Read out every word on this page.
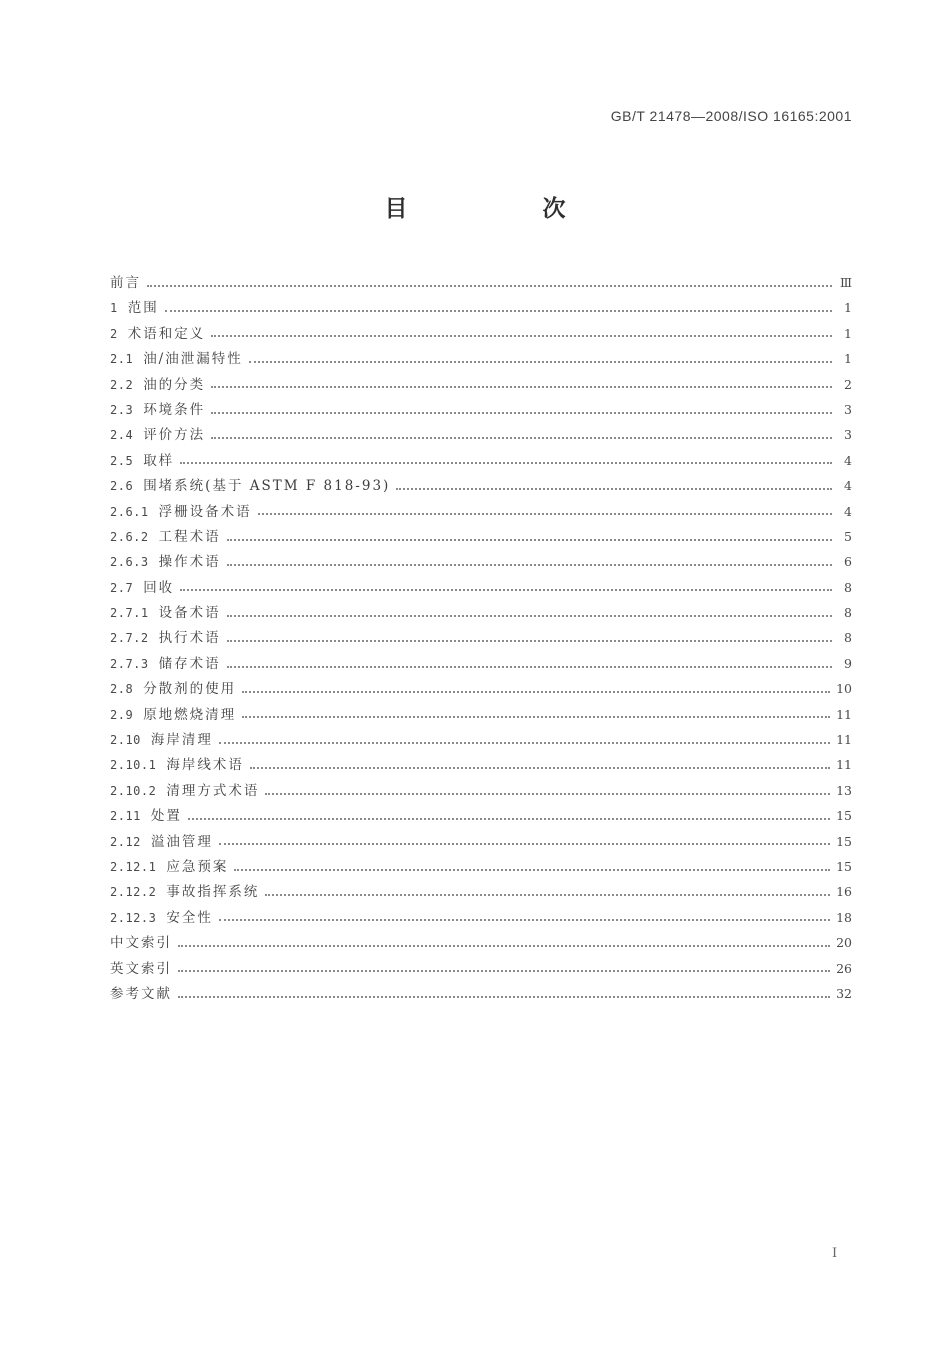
GB/T 21478—2008/ISO 16165:2001
目　次
前言	Ⅲ
1 范围	1
2 术语和定义	1
2.1 油/油泄漏特性	1
2.2 油的分类	2
2.3 环境条件	3
2.4 评价方法	3
2.5 取样	4
2.6 围堵系统(基于 ASTM F 818-93)	4
2.6.1 浮栅设备术语	4
2.6.2 工程术语	5
2.6.3 操作术语	6
2.7 回收	8
2.7.1 设备术语	8
2.7.2 执行术语	8
2.7.3 储存术语	9
2.8 分散剂的使用	10
2.9 原地燃烧清理	11
2.10 海岸清理	11
2.10.1 海岸线术语	11
2.10.2 清理方式术语	13
2.11 处置	15
2.12 溢油管理	15
2.12.1 应急预案	15
2.12.2 事故指挥系统	16
2.12.3 安全性	18
中文索引	20
英文索引	26
参考文献	32
I
